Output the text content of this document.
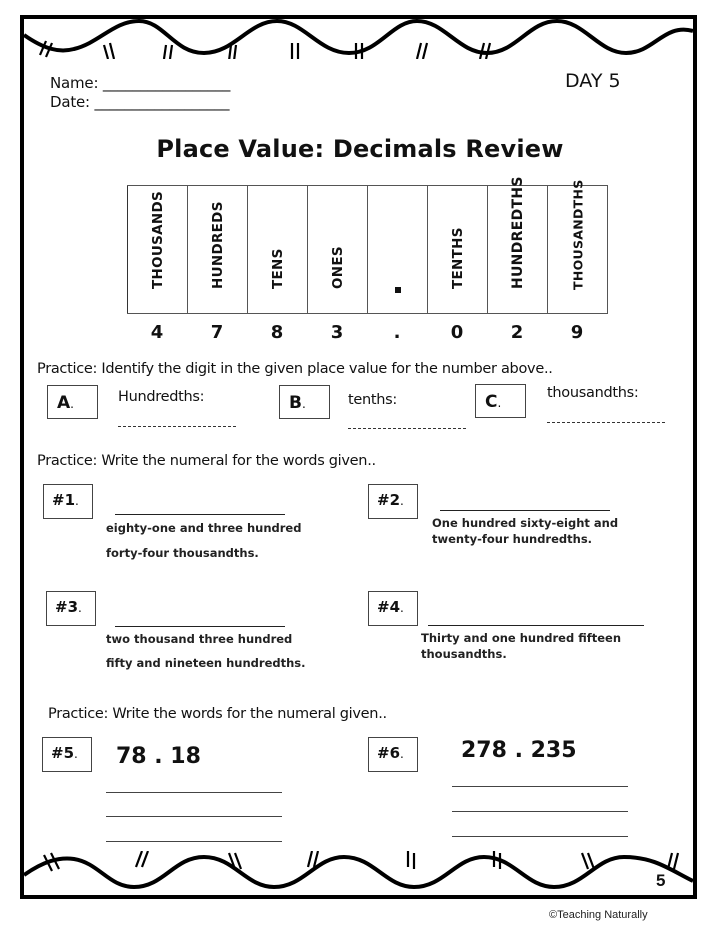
Name: _________________
Date: __________________
DAY 5
Place Value: Decimals Review
THOUSANDS	HUNDREDS	TENS	ONES		TENTHS	HUNDREDTHS	THOUSANDTHS
4	7	8	3	.	0	2	9
Practice: Identify the digit in the given place value for the number above..
A.	Hundredths:	B.	tenths:	C.
thousandths:
Practice: Write the numeral for the words given..
#1.
eighty-one and three hundred
forty-four thousandths.
#2.
One hundred sixty-eight and
twenty-four hundredths.
#3.
two thousand three hundred
fifty and nineteen hundredths.
#4.
Thirty and one hundred fifteen
thousandths.
Practice: Write the words for the numeral given..
#5.	78 . 18	#6.	278 . 235
5
©Teaching Naturally
